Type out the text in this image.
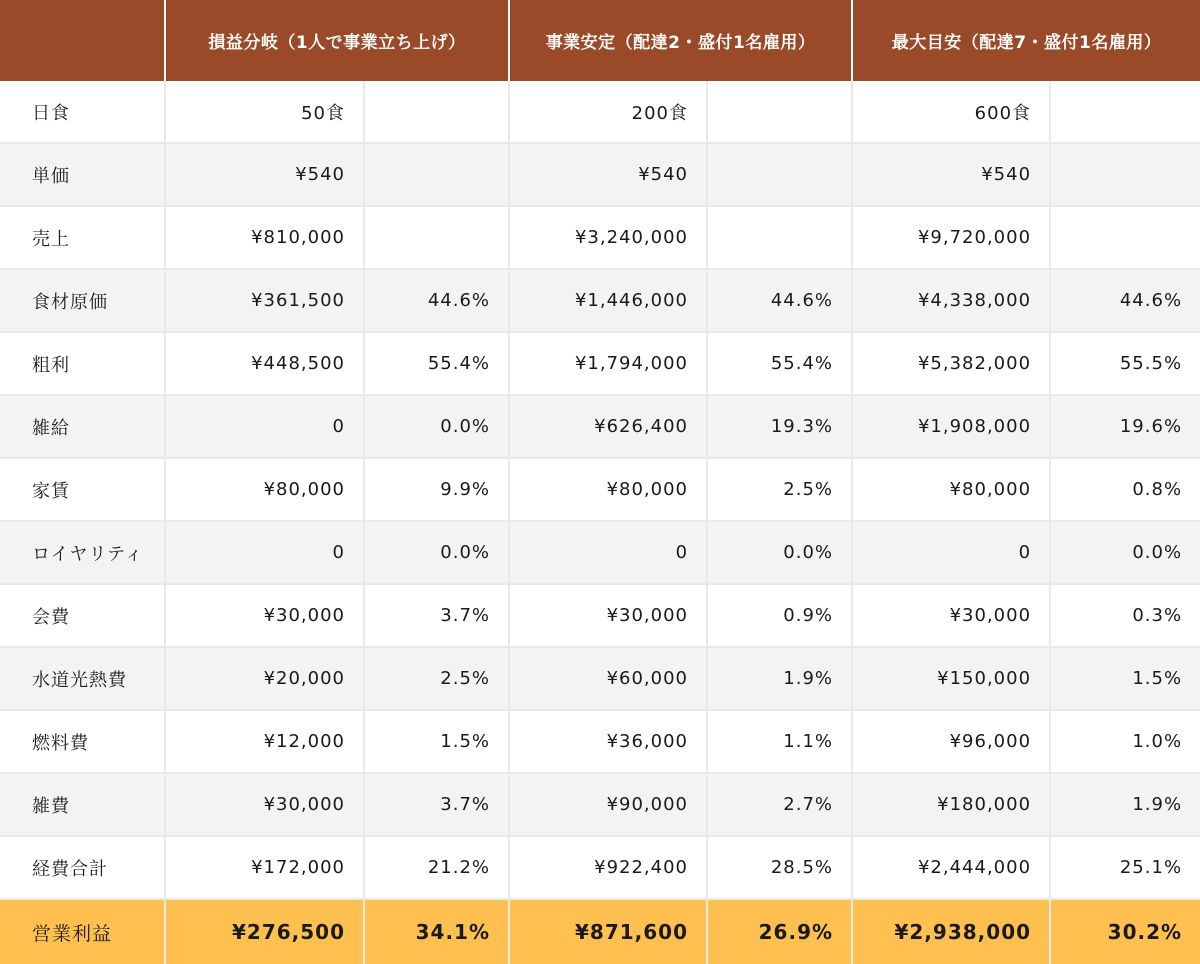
	損益分岐（1人で事業立ち上げ）		事業安定（配達2・盛付1名雇用）		最大目安（配達7・盛付1名雇用）	
日食	50食		200食		600食	
単価	¥540		¥540		¥540	
売上	¥810,000		¥3,240,000		¥9,720,000	
食材原価	¥361,500	44.6%	¥1,446,000	44.6%	¥4,338,000	44.6%
粗利	¥448,500	55.4%	¥1,794,000	55.4%	¥5,382,000	55.5%
雑給	0	0.0%	¥626,400	19.3%	¥1,908,000	19.6%
家賃	¥80,000	9.9%	¥80,000	2.5%	¥80,000	0.8%
ロイヤリティ	0	0.0%	0	0.0%	0	0.0%
会費	¥30,000	3.7%	¥30,000	0.9%	¥30,000	0.3%
水道光熱費	¥20,000	2.5%	¥60,000	1.9%	¥150,000	1.5%
燃料費	¥12,000	1.5%	¥36,000	1.1%	¥96,000	1.0%
雑費	¥30,000	3.7%	¥90,000	2.7%	¥180,000	1.9%
経費合計	¥172,000	21.2%	¥922,400	28.5%	¥2,444,000	25.1%
営業利益	¥276,500	34.1%	¥871,600	26.9%	¥2,938,000	30.2%
